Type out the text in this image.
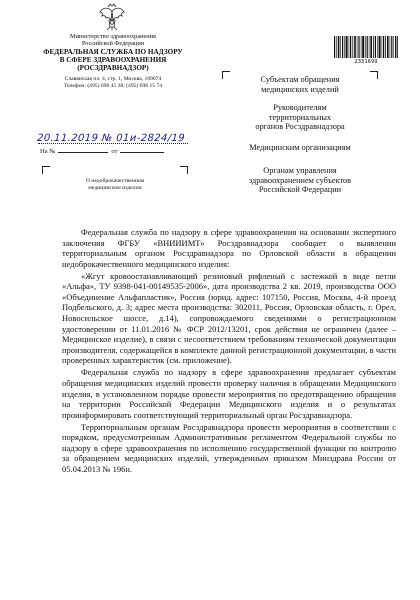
Министерство здравоохранения
Российской Федерации
ФЕДЕРАЛЬНАЯ СЛУЖБА ПО НАДЗОРУ
В СФЕРЕ ЗДРАВООХРАНЕНИЯ
(РОСЗДРАВНАДЗОР)
Славянская пл. 4, стр. 1, Москва, 109074
Телефон: (495) 698 45 38; (495) 698 15 74
20.11.2019 № 01и-2824/19
На №	от
О недоброкачественном
медицинском изделии
2331699
Субъектам обращения
медицинских изделий
Руководителям
территориальных
органов Росздравнадзора
Медицинским организациям
Органам управления
здравоохранением субъектов
Российской Федерации

Федеральная служба по надзору в сфере здравоохранения на основании экспертного заключения ФГБУ «ВНИИИМТ» Росздравнадзора сообщает о выявлении территориальным органом Росздравнадзора по Орловской области в обращении недоброкачественного медицинского изделия:

«Жгут кровоостанавливающий резиновый рифленый с застежкой в виде петли «Альфа», ТУ 9398-041-00149535-2006», дата производства 2 кв. 2019, производства ООО «Объединение Альфапластик», Россия (юрид. адрес: 107150, Россия, Москва, 4-й проезд Подбельского, д. 3; адрес места производства: 302011, Россия, Орловская область, г. Орел, Новосильское шоссе, д.14), сопровождаемого сведениями о регистрационном удостоверении от 11.01.2016 № ФСР 2012/13201, срок действия не ограничен (далее – Медицинское изделие), в связи с несоответствием требованиям технической документации производителя, содержащейся в комплекте данной регистрационной документации, в части проверенных характеристик (см. приложение).

Федеральная служба по надзору в сфере здравоохранения предлагает субъектам обращения медицинских изделий провести проверку наличия в обращении Медицинского изделия, в установленном порядке провести мероприятия по предотвращению обращения на территории Российской Федерации Медицинского изделия и о результатах проинформировать соответствующий территориальный орган Росздравнадзора.

Территориальным органам Росздравнадзора провести мероприятия в соответствии с порядком, предусмотренным Административным регламентом Федеральной службы по надзору в сфере здравоохранения по исполнению государственной функции по контролю за обращением медицинских изделий, утвержденным приказом Минздрава России от 05.04.2013 № 196н.
